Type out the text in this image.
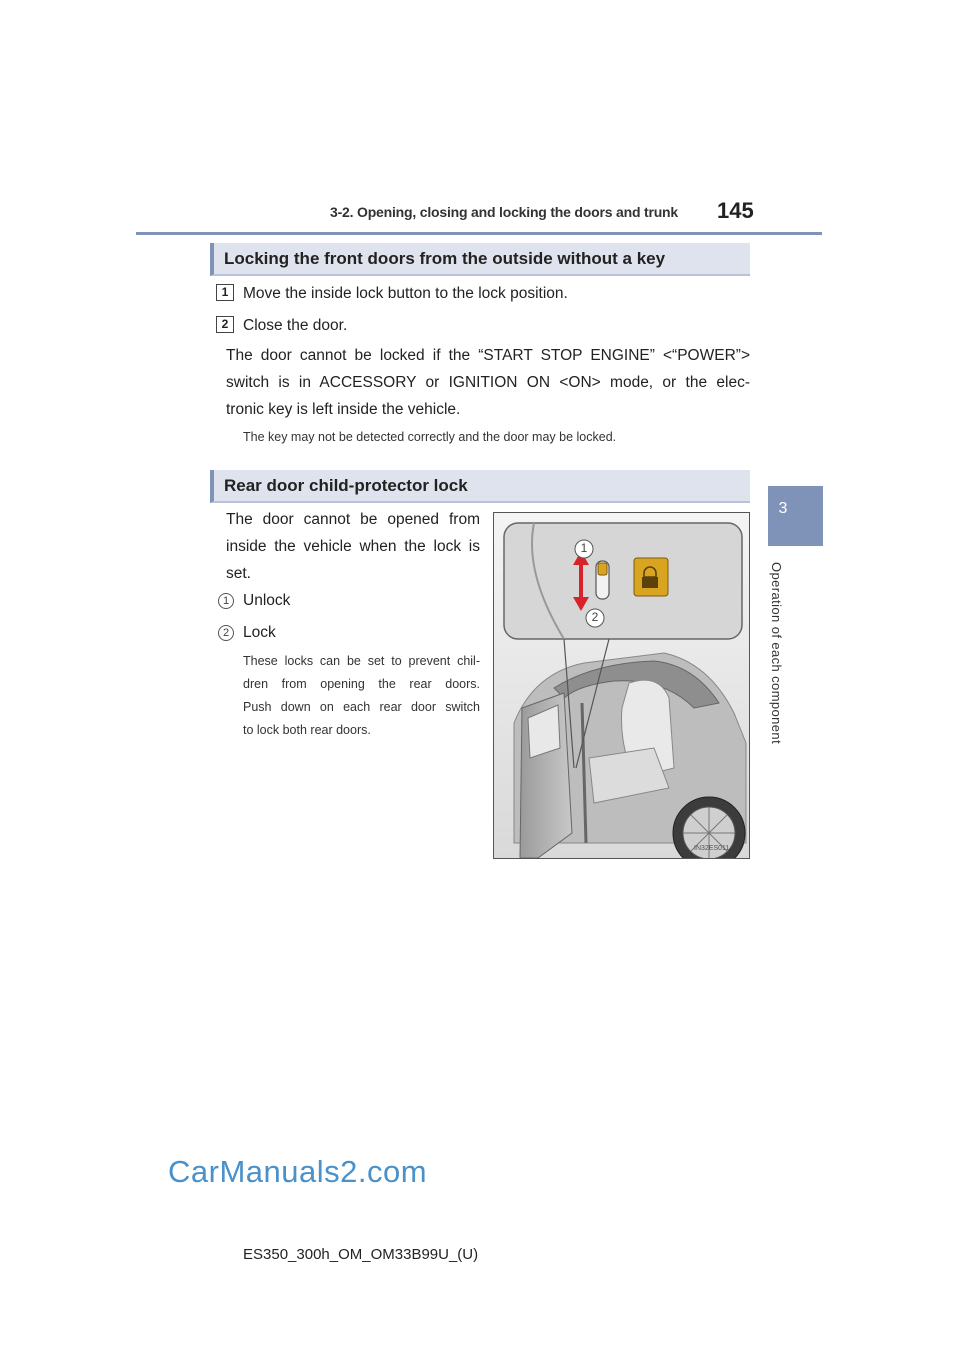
3-2. Opening, closing and locking the doors and trunk 145
3
Operation of each component
Locking the front doors from the outside without a key
1 Move the inside lock button to the lock position.
2 Close the door.
The door cannot be locked if the “START STOP ENGINE” <“POWER”>
switch is in ACCESSORY or IGNITION ON <ON> mode, or the elec-
tronic key is left inside the vehicle.
The key may not be detected correctly and the door may be locked.
Rear door child-protector lock
The door cannot be opened from
inside the vehicle when the lock is
set.
1 Unlock
2 Lock
These locks can be set to prevent chil-
dren from opening the rear doors.
Push down on each rear door switch
to lock both rear doors.
1
2
IN32ES011
CarManuals2.com
ES350_300h_OM_OM33B99U_(U)
